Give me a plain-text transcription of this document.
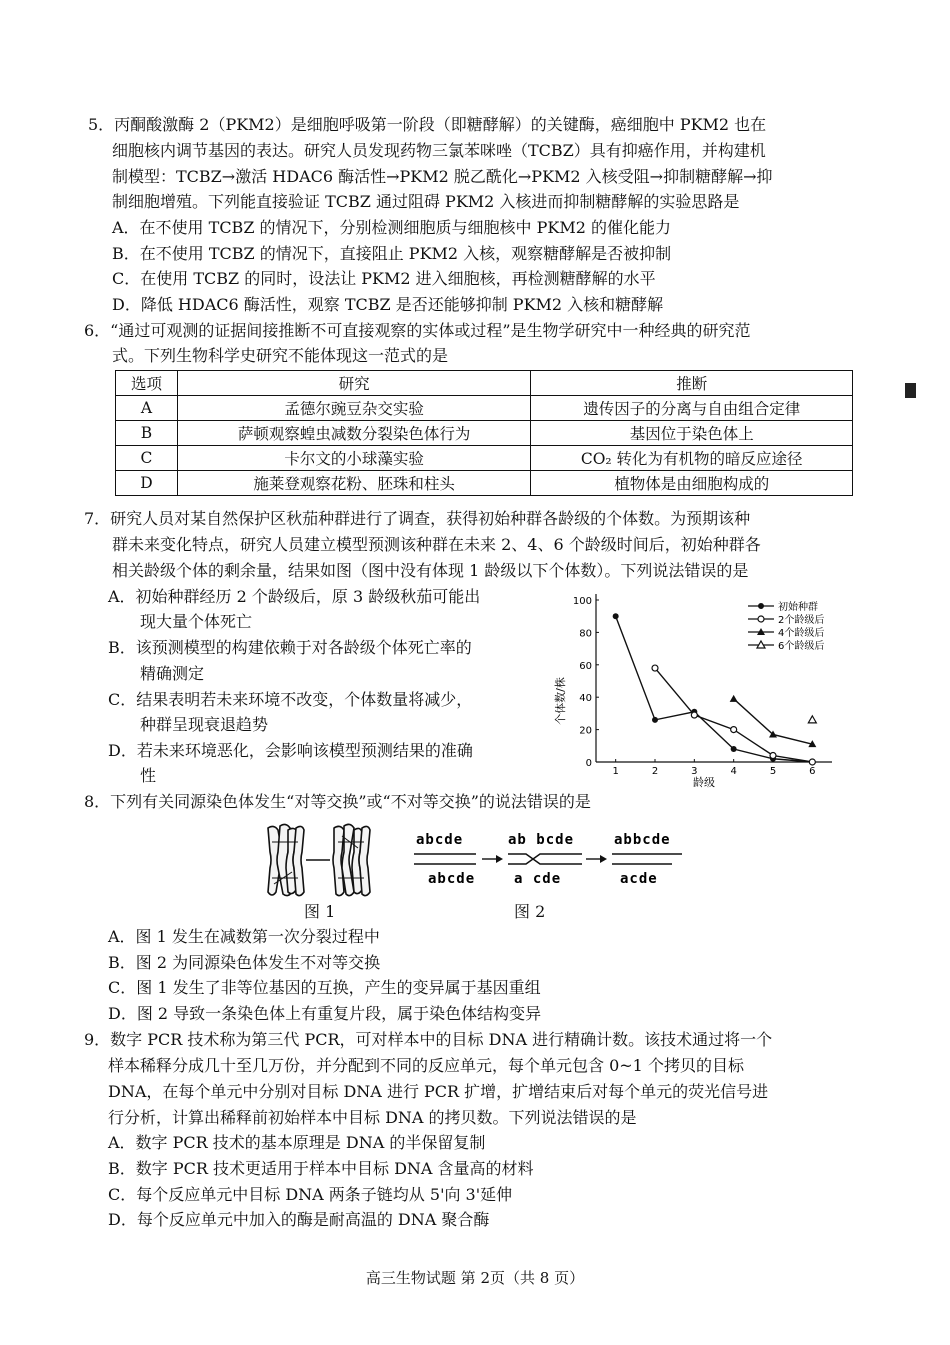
5．丙酮酸激酶 2（PKM2）是细胞呼吸第一阶段（即糖酵解）的关键酶，癌细胞中 PKM2 也在
细胞核内调节基因的表达。研究人员发现药物三氯苯咪唑（TCBZ）具有抑癌作用，并构建机
制模型：TCBZ→激活 HDAC6 酶活性→PKM2 脱乙酰化→PKM2 入核受阻→抑制糖酵解→抑
制细胞增殖。下列能直接验证 TCBZ 通过阻碍 PKM2 入核进而抑制糖酵解的实验思路是
A．在不使用 TCBZ 的情况下，分别检测细胞质与细胞核中 PKM2 的催化能力
B．在不使用 TCBZ 的情况下，直接阻止 PKM2 入核，观察糖酵解是否被抑制
C．在使用 TCBZ 的同时，设法让 PKM2 进入细胞核，再检测糖酵解的水平
D．降低 HDAC6 酶活性，观察 TCBZ 是否还能够抑制 PKM2 入核和糖酵解
6．“通过可观测的证据间接推断不可直接观察的实体或过程”是生物学研究中一种经典的研究范
式。下列生物科学史研究不能体现这一范式的是
选项	研究	推断
A	孟德尔豌豆杂交实验	遗传因子的分离与自由组合定律
B	萨顿观察蝗虫减数分裂染色体行为	基因位于染色体上
C	卡尔文的小球藻实验	CO₂ 转化为有机物的暗反应途径
D	施莱登观察花粉、胚珠和柱头	植物体是由细胞构成的
7．研究人员对某自然保护区秋茄种群进行了调查，获得初始种群各龄级的个体数。为预期该种
群未来变化特点，研究人员建立模型预测该种群在未来 2、4、6 个龄级时间后，初始种群各
相关龄级个体的剩余量，结果如图（图中没有体现 1 龄级以下个体数）。下列说法错误的是
A．初始种群经历 2 个龄级后，原 3 龄级秋茄可能出
现大量个体死亡
B．该预测模型的构建依赖于对各龄级个体死亡率的
精确测定
C．结果表明若未来环境不改变，个体数量将减少，
种群呈现衰退趋势
D．若未来环境恶化，会影响该模型预测结果的准确
性
0
20
40
60
80
100
1	2	3	4	5	6
初始种群
2个龄级后
4个龄级后
6个龄级后
个体数/株
龄级
8．下列有关同源染色体发生“对等交换”或“不对等交换”的说法错误的是
图 1
abcde
abcde
ab bcde
a cde
abbcde
acde
图 2
A．图 1 发生在减数第一次分裂过程中
B．图 2 为同源染色体发生不对等交换
C．图 1 发生了非等位基因的互换，产生的变异属于基因重组
D．图 2 导致一条染色体上有重复片段，属于染色体结构变异
9．数字 PCR 技术称为第三代 PCR，可对样本中的目标 DNA 进行精确计数。该技术通过将一个
样本稀释分成几十至几万份，并分配到不同的反应单元，每个单元包含 0~1 个拷贝的目标
DNA，在每个单元中分别对目标 DNA 进行 PCR 扩增，扩增结束后对每个单元的荧光信号进
行分析，计算出稀释前初始样本中目标 DNA 的拷贝数。下列说法错误的是
A．数字 PCR 技术的基本原理是 DNA 的半保留复制
B．数字 PCR 技术更适用于样本中目标 DNA 含量高的材料
C．每个反应单元中目标 DNA 两条子链均从 5'向 3'延伸
D．每个反应单元中加入的酶是耐高温的 DNA 聚合酶
高三生物试题 第 2页（共 8 页）
